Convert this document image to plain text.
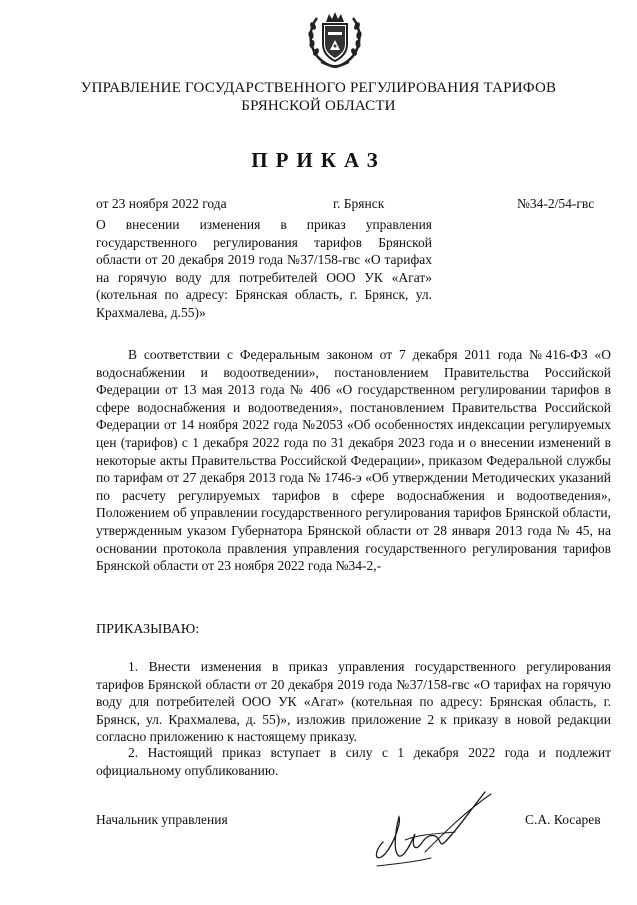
УПРАВЛЕНИЕ ГОСУДАРСТВЕННОГО РЕГУЛИРОВАНИЯ ТАРИФОВ
БРЯНСКОЙ ОБЛАСТИ
ПРИКАЗ
от 23 ноября 2022 года	г. Брянск	№34-2/54-гвс

О внесении изменения в приказ управления государственного регулирования тарифов Брянской области от 20 декабря 2019 года №37/158-гвс «О тарифах на горячую воду для потребителей ООО УК «Агат» (котельная по адресу: Брянская область, г. Брянск, ул. Крахмалева, д.55)»

В соответствии с Федеральным законом от 7 декабря 2011 года №416-ФЗ «О водоснабжении и водоотведении», постановлением Правительства Российской Федерации от 13 мая 2013 года № 406 «О государственном регулировании тарифов в сфере водоснабжения и водоотведения», постановлением Правительства Российской Федерации от 14 ноября 2022 года №2053 «Об особенностях индексации регулируемых цен (тарифов) с 1 декабря 2022 года по 31 декабря 2023 года и о внесении изменений в некоторые акты Правительства Российской Федерации», приказом Федеральной службы по тарифам от 27 декабря 2013 года № 1746-э «Об утверждении Методических указаний по расчету регулируемых тарифов в сфере водоснабжения и водоотведения», Положением об управлении государственного регулирования тарифов Брянской области, утвержденным указом Губернатора Брянской области от 28 января 2013 года № 45, на основании протокола правления управления государственного регулирования тарифов Брянской области от 23 ноября 2022 года №34-2,-

ПРИКАЗЫВАЮ:

1. Внести изменения в приказ управления государственного регулирования тарифов Брянской области от 20 декабря 2019 года №37/158-гвс «О тарифах на горячую воду для потребителей ООО УК «Агат» (котельная по адресу: Брянская область, г. Брянск, ул. Крахмалева, д. 55)», изложив приложение 2 к приказу в новой редакции согласно приложению к настоящему приказу.

2. Настоящий приказ вступает в силу с 1 декабря 2022 года и подлежит официальному опубликованию.

Начальник управления	С.А. Косарев
